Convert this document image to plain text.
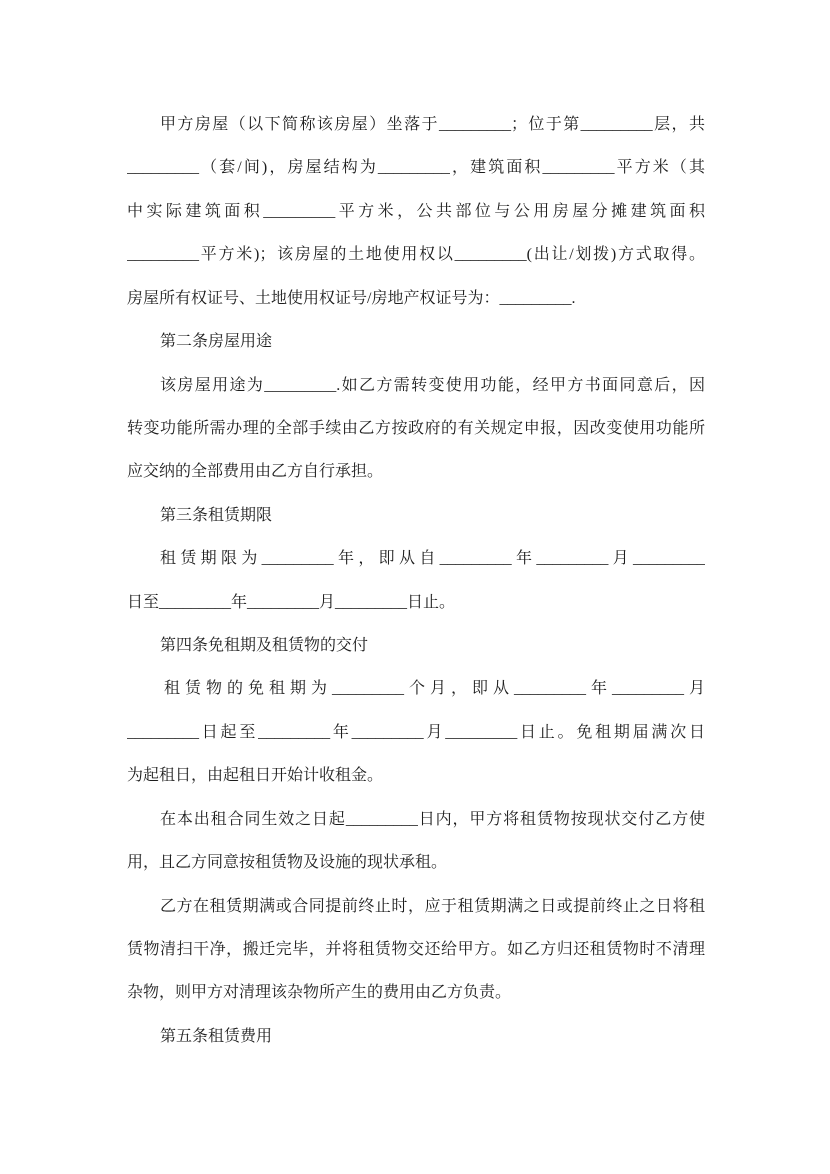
甲方房屋（以下简称该房屋）坐落于_________；位于第_________层，共
_________（套/间)，房屋结构为_________，建筑面积_________平方米（其
中实际建筑面积_________平方米，公共部位与公用房屋分摊建筑面积
_________平方米)；该房屋的土地使用权以_________(出让/划拨)方式取得。
房屋所有权证号、土地使用权证号/房地产权证号为：_________.
第二条房屋用途
该房屋用途为_________.如乙方需转变使用功能，经甲方书面同意后，因
转变功能所需办理的全部手续由乙方按政府的有关规定申报，因改变使用功能所
应交纳的全部费用由乙方自行承担。
第三条租赁期限
租赁期限为_________年，即从自_________年_________月_________
日至_________年_________月_________日止。
第四条免租期及租赁物的交付
租赁物的免租期为_________个月，即从_________年_________月
_________日起至_________年_________月_________日止。免租期届满次日
为起租日，由起租日开始计收租金。
在本出租合同生效之日起_________日内，甲方将租赁物按现状交付乙方使
用，且乙方同意按租赁物及设施的现状承租。
乙方在租赁期满或合同提前终止时，应于租赁期满之日或提前终止之日将租
赁物清扫干净，搬迁完毕，并将租赁物交还给甲方。如乙方归还租赁物时不清理
杂物，则甲方对清理该杂物所产生的费用由乙方负责。
第五条租赁费用
